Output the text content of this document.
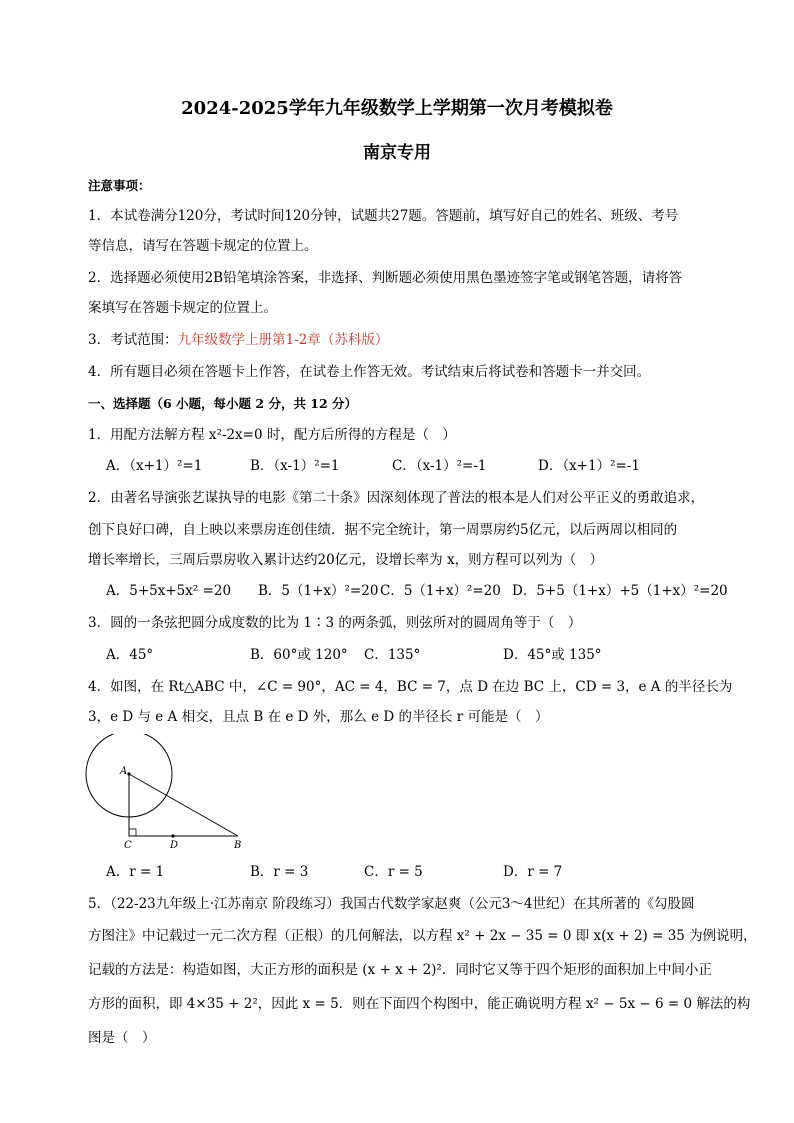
2024-2025学年九年级数学上学期第一次月考模拟卷
南京专用
注意事项：
1．本试卷满分120分，考试时间120分钟，试题共27题。答题前，填写好自己的姓名、班级、考号
等信息，请写在答题卡规定的位置上。
2．选择题必须使用2B铅笔填涂答案，非选择、判断题必须使用黑色墨迹签字笔或钢笔答题，请将答
案填写在答题卡规定的位置上。
3．考试范围：九年级数学上册第1-2章（苏科版）
4．所有题目必须在答题卡上作答，在试卷上作答无效。考试结束后将试卷和答题卡一并交回。
一、选择题（6 小题，每小题 2 分，共 12 分）
1．用配方法解方程 x²-2x=0 时，配方后所得的方程是（　）
A．（x+1）²=1	B．（x-1）²=1	C．（x-1）²=-1	D．（x+1）²=-1
2．由著名导演张艺谋执导的电影《第二十条》因深刻体现了普法的根本是人们对公平正义的勇敢追求，
创下良好口碑，自上映以来票房连创佳绩．据不完全统计，第一周票房约5亿元，以后两周以相同的
增长率增长，三周后票房收入累计达约20亿元，设增长率为 x，则方程可以列为（　）
A．5+5x+5x² =20 B．5（1+x）²=20 C．5（1+x）²=20 D．5+5（1+x）+5（1+x）²=20
3．圆的一条弦把圆分成度数的比为 1∶3 的两条弧，则弦所对的圆周角等于（　）
A．45°	B．60°或 120° C．135°	D．45°或 135°
4．如图，在 Rt△ABC 中，∠C = 90°，AC = 4，BC = 7，点 D 在边 BC 上，CD = 3，e A 的半径长为
3，e D 与 e A 相交，且点 B 在 e D 外，那么 e D 的半径长 r 可能是（　）
A
C	D	B
A．r = 1	B．r = 3	C．r = 5	D．r = 7
5．（22-23九年级上·江苏南京 阶段练习）我国古代数学家赵爽（公元3～4世纪）在其所著的《勾股圆
方图注》中记载过一元二次方程（正根）的几何解法，以方程 x² + 2x − 35 = 0 即 x(x + 2) = 35 为例说明，
记载的方法是：构造如图，大正方形的面积是 (x + x + 2)²．同时它又等于四个矩形的面积加上中间小正
方形的面积，即 4×35 + 2²，因此 x = 5．则在下面四个构图中，能正确说明方程 x² − 5x − 6 = 0 解法的构
图是（　）
